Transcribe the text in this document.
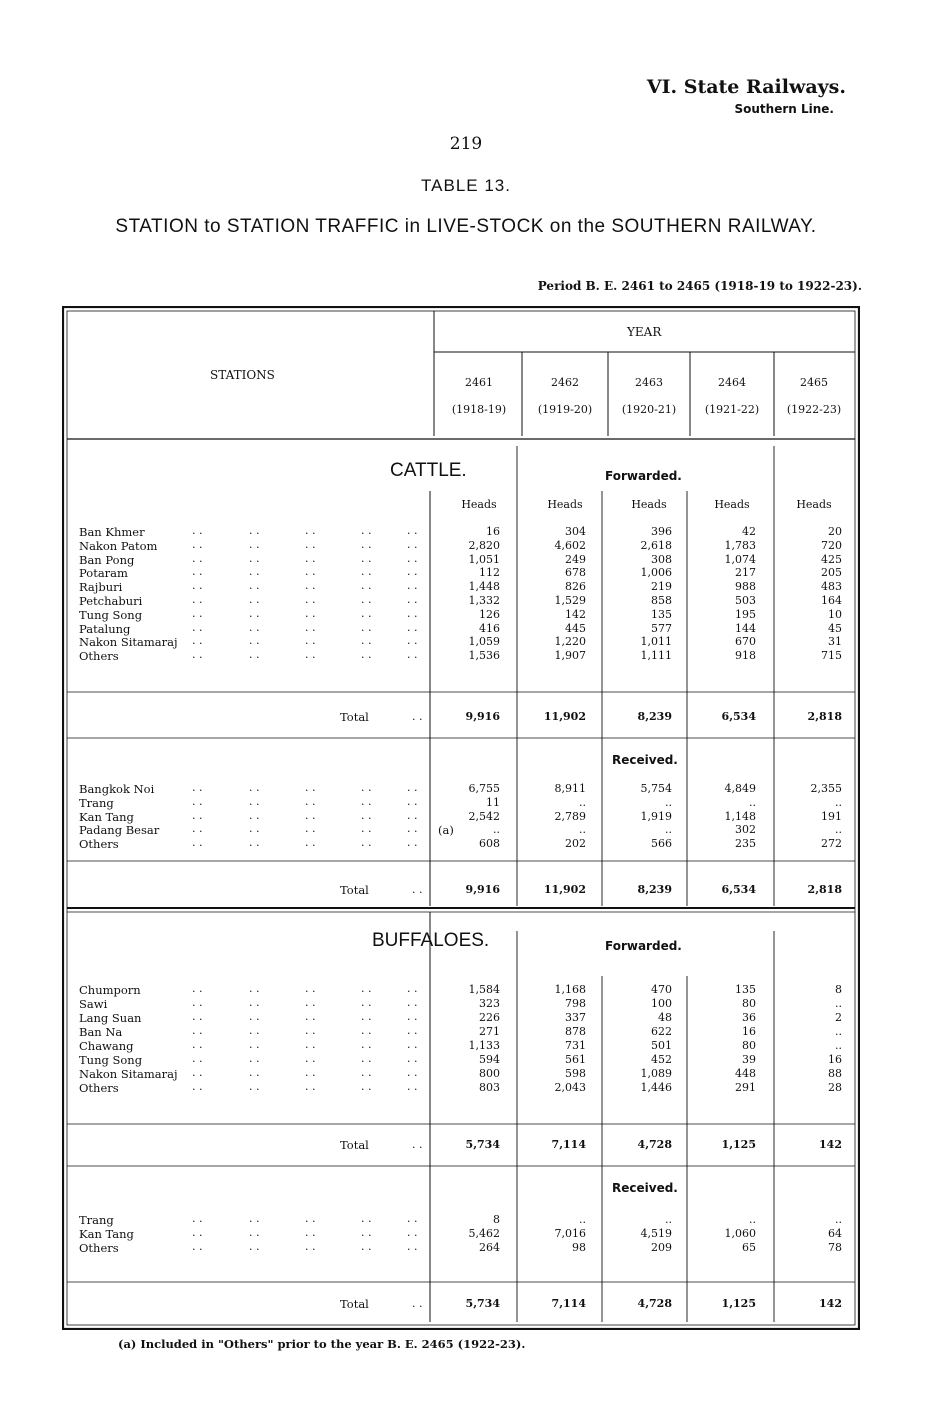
VI. State Railways.
Southern Line.
219
TABLE 13.
STATION to STATION TRAFFIC in LIVE-STOCK on the SOUTHERN RAILWAY.
Period B. E. 2461 to 2465 (1918-19 to 1922-23).
YEAR
STATIONS
2461
(1918-19)
2462
(1919-20)
2463
(1920-21)
2464
(1921-22)
2465
(1922-23)
CATTLE.	Forwarded.
Heads	Heads	Heads	Heads	Heads
Ban Khmer	. .	. .	. .	. .	. .	16	304	396	42	20
Nakon Patom	. .	. .	. .	. .	. .	2,820	4,602	2,618	1,783	720
Ban Pong	. .	. .	. .	. .	. .	1,051	249	308	1,074	425
Potaram	. .	. .	. .	. .	. .	112	678	1,006	217	205
Rajburi	. .	. .	. .	. .	. .	1,448	826	219	988	483
Petchaburi	. .	. .	. .	. .	. .	1,332	1,529	858	503	164
Tung Song	. .	. .	. .	. .	. .	126	142	135	195	10
Patalung	. .	. .	. .	. .	. .	416	445	577	144	45
Nakon Sitamaraj . .	. .	. .	. .	. .	1,059	1,220	1,011	670	31
Others	. .	. .	. .	. .	. .	1,536	1,907	1,111	918	715
Total	. .	9,916	11,902	8,239	6,534	2,818
Received.
Bangkok Noi	. .	. .	. .	. .	. .	6,755	8,911	5,754	4,849	2,355
Trang	. .	. .	. .	. .	. .	11	..	..	..	..
Kan Tang	. .	. .	. .	. .	. .	2,542	2,789	1,919	1,148	191
Padang Besar	. .	. .	. .	. .	. .	..	..	..	302	..
Others	. .	. .	. .	. .	. .	608	202	566	235	272
(a)
Total	. .	9,916	11,902	8,239	6,534	2,818
BUFFALOES.	Forwarded.
Chumporn	. .	. .	. .	. .	. .	1,584	1,168	470	135	8
Sawi	. .	. .	. .	. .	. .	323	798	100	80	..
Lang Suan	. .	. .	. .	. .	. .	226	337	48	36	2
Ban Na	. .	. .	. .	. .	. .	271	878	622	16	..
Chawang	. .	. .	. .	. .	. .	1,133	731	501	80	..
Tung Song	. .	. .	. .	. .	. .	594	561	452	39	16
Nakon Sitamaraj . .	. .	. .	. .	. .	800	598	1,089	448	88
Others	. .	. .	. .	. .	. .	803	2,043	1,446	291	28
Total	. .	5,734	7,114	4,728	1,125	142
Received.
Trang	. .	. .	. .	. .	. .	8	..	..	..	..
Kan Tang	. .	. .	. .	. .	. .	5,462	7,016	4,519	1,060	64
Others	. .	. .	. .	. .	. .	264	98	209	65	78
Total	. .	5,734	7,114	4,728	1,125	142
(a) Included in "Others" prior to the year B. E. 2465 (1922-23).
